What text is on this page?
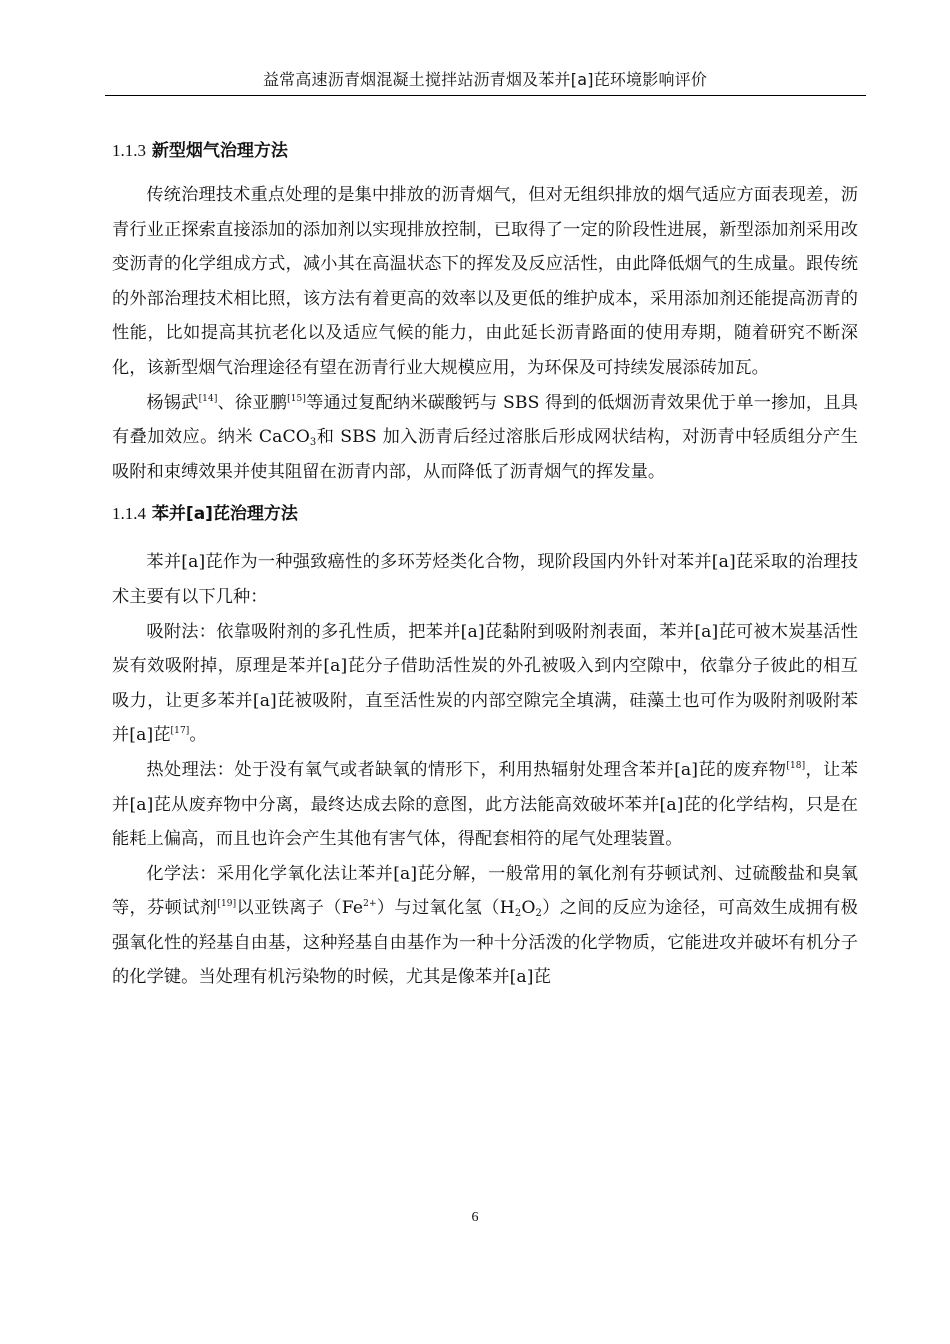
益常高速沥青烟混凝土搅拌站沥青烟及苯并[a]芘环境影响评价
1.1.3 新型烟气治理方法

传统治理技术重点处理的是集中排放的沥青烟气，但对无组织排放的烟气适应方面表现差，沥青行业正探索直接添加的添加剂以实现排放控制，已取得了一定的阶段性进展，新型添加剂采用改变沥青的化学组成方式，减小其在高温状态下的挥发及反应活性，由此降低烟气的生成量。跟传统的外部治理技术相比照，该方法有着更高的效率以及更低的维护成本，采用添加剂还能提高沥青的性能，比如提高其抗老化以及适应气候的能力，由此延长沥青路面的使用寿期，随着研究不断深化，该新型烟气治理途径有望在沥青行业大规模应用，为环保及可持续发展添砖加瓦。

杨锡武[14]、徐亚鹏[15]等通过复配纳米碳酸钙与 SBS 得到的低烟沥青效果优于单一掺加，且具有叠加效应。纳米 CaCO$_3$和 SBS 加入沥青后经过溶胀后形成网状结构，对沥青中轻质组分产生吸附和束缚效果并使其阻留在沥青内部，从而降低了沥青烟气的挥发量。

1.1.4 苯并[a]芘治理方法

苯并[a]芘作为一种强致癌性的多环芳烃类化合物，现阶段国内外针对苯并[a]芘采取的治理技术主要有以下几种：

吸附法：依靠吸附剂的多孔性质，把苯并[a]芘黏附到吸附剂表面，苯并[a]芘可被木炭基活性炭有效吸附掉，原理是苯并[a]芘分子借助活性炭的外孔被吸入到内空隙中，依靠分子彼此的相互吸力，让更多苯并[a]芘被吸附，直至活性炭的内部空隙完全填满，硅藻土也可作为吸附剂吸附苯并[a]芘[17]。

热处理法：处于没有氧气或者缺氧的情形下，利用热辐射处理含苯并[a]芘的废弃物[18]，让苯并[a]芘从废弃物中分离，最终达成去除的意图，此方法能高效破坏苯并[a]芘的化学结构，只是在能耗上偏高，而且也许会产生其他有害气体，得配套相符的尾气处理装置。

化学法：采用化学氧化法让苯并[a]芘分解，一般常用的氧化剂有芬顿试剂、过硫酸盐和臭氧等，芬顿试剂[19]以亚铁离子$(Fe^{2+})$与过氧化氢$(H_2O_2)$之间的反应为途径，可高效生成拥有极强氧化性的羟基自由基，这种羟基自由基作为一种十分活泼的化学物质，它能进攻并破坏有机分子的化学键。当处理有机污染物的时候，尤其是像苯并[a]芘

6
